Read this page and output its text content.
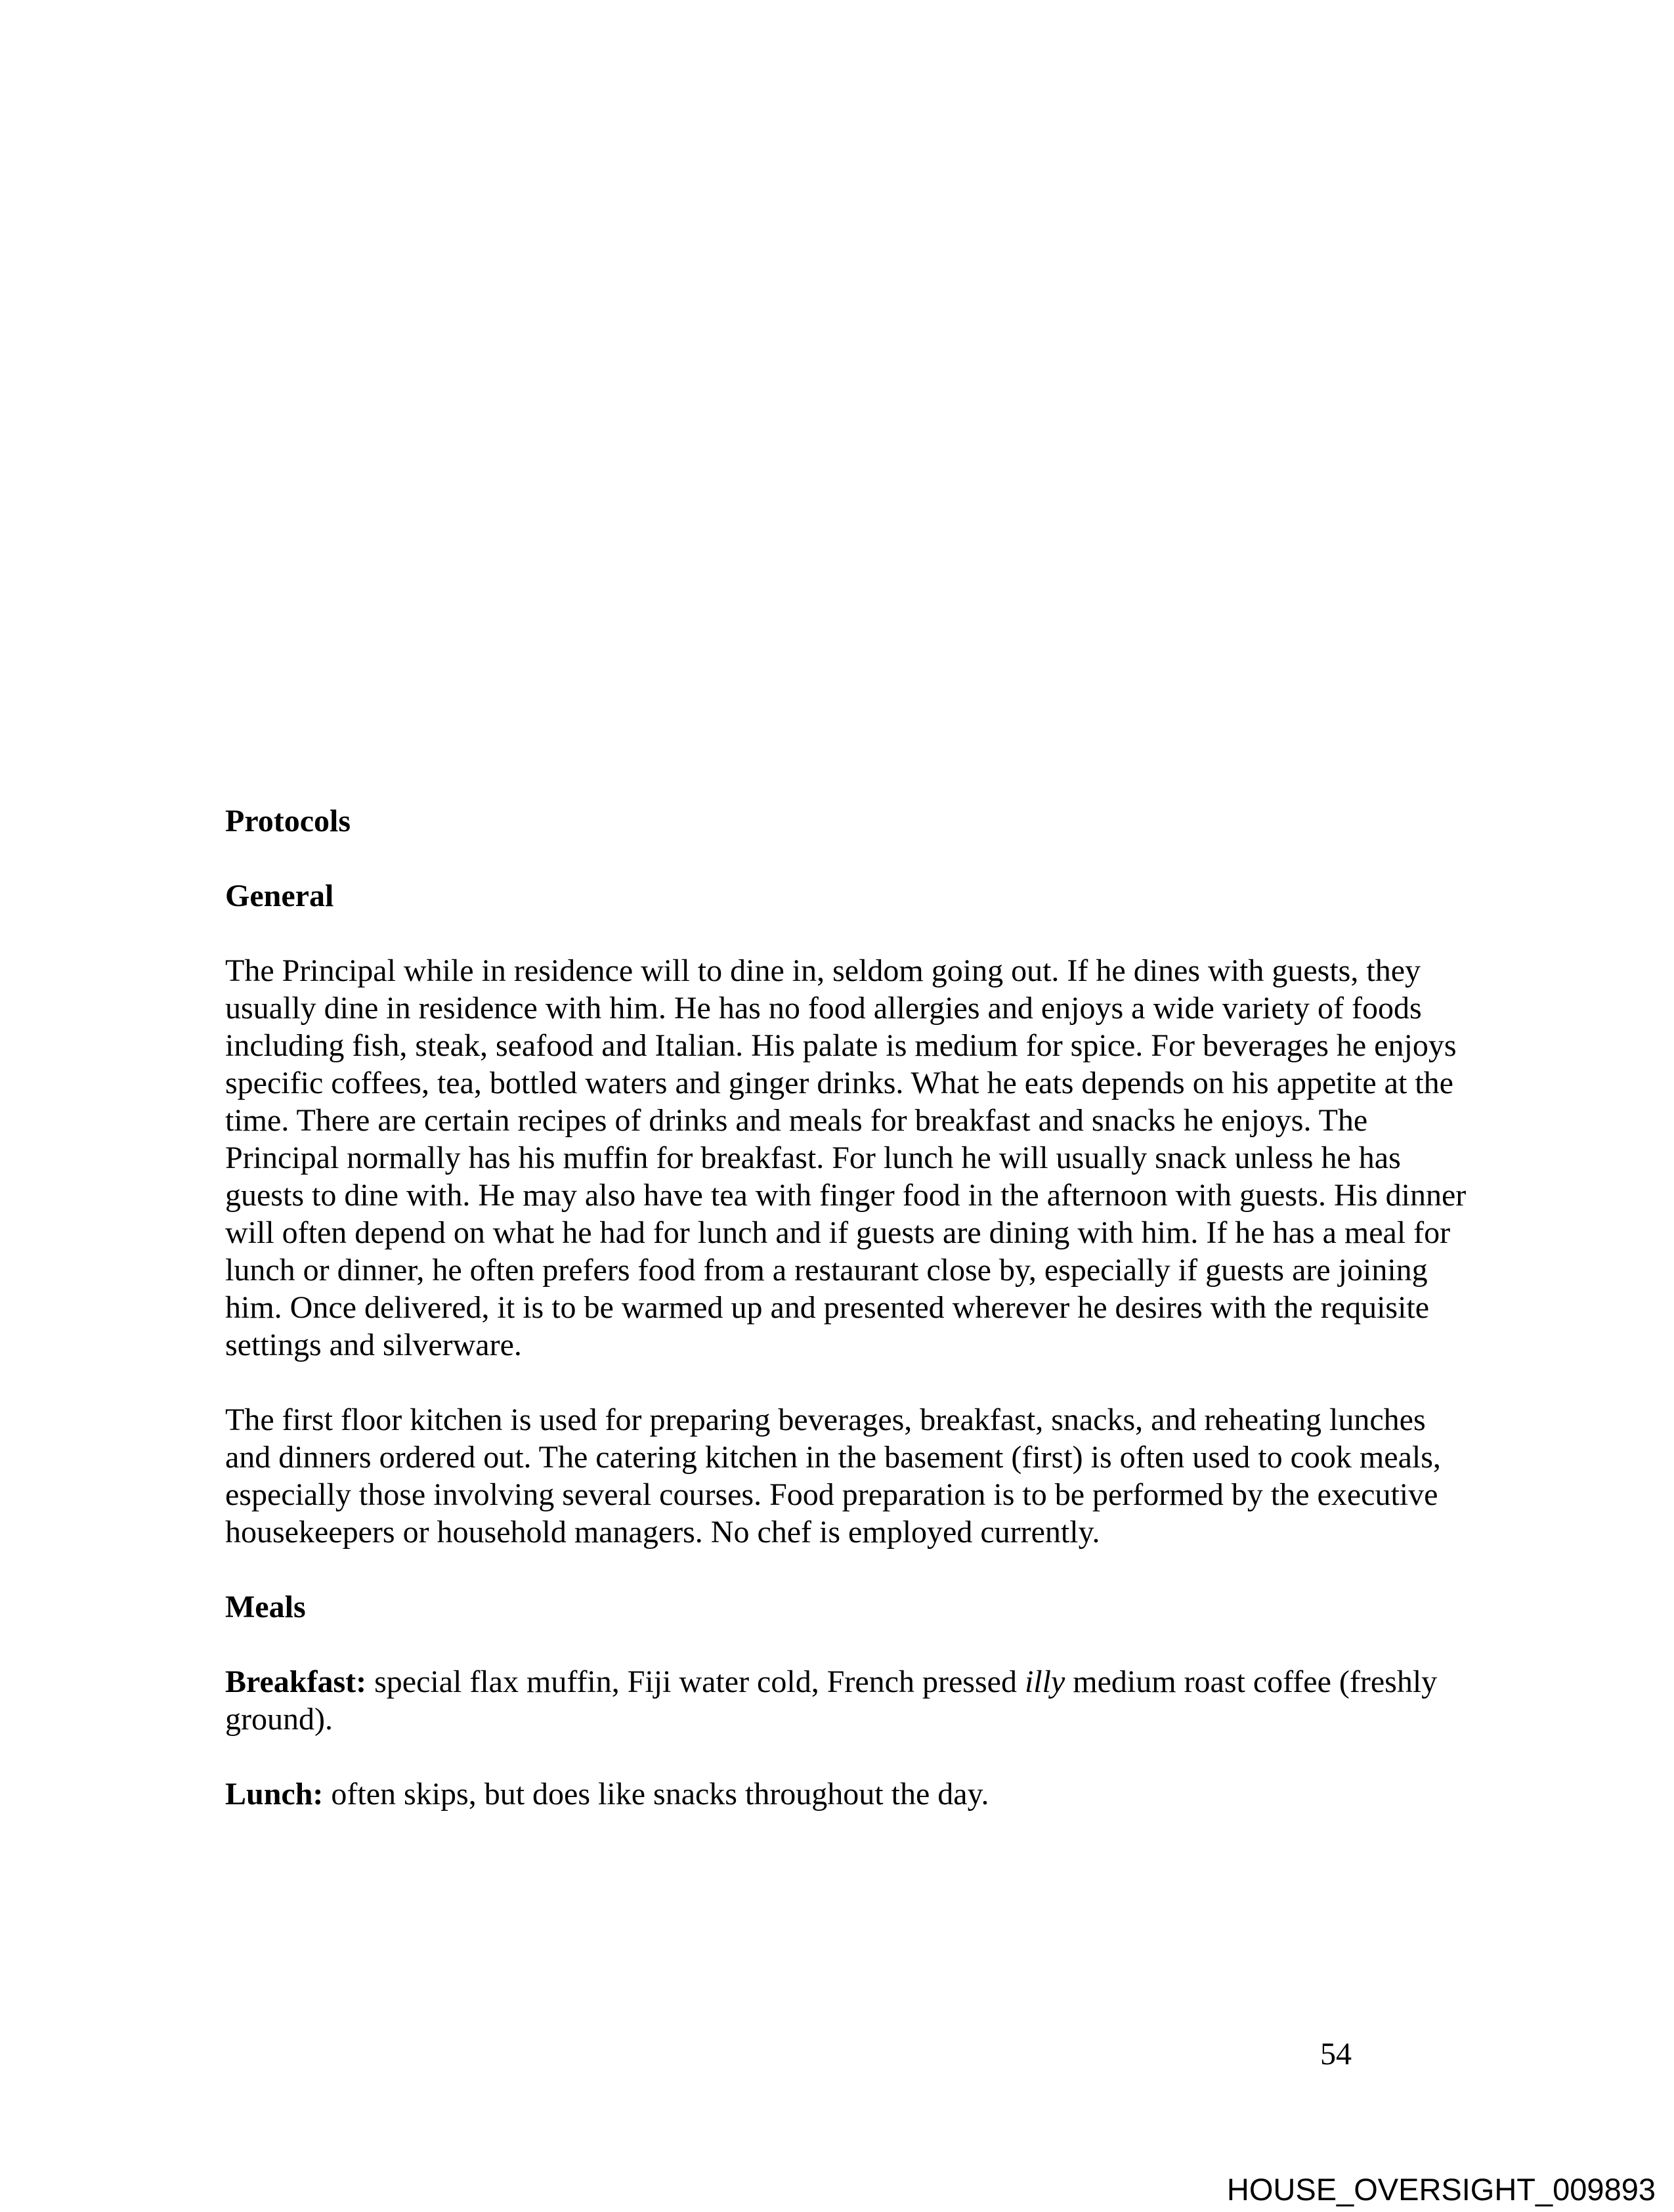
Protocols
General

The Principal while in residence will to dine in, seldom going out. If he dines with guests, they usually dine in residence with him. He has no food allergies and enjoys a wide variety of foods including fish, steak, seafood and Italian. His palate is medium for spice. For beverages he enjoys specific coffees, tea, bottled waters and ginger drinks. What he eats depends on his appetite at the time. There are certain recipes of drinks and meals for breakfast and snacks he enjoys. The Principal normally has his muffin for breakfast. For lunch he will usually snack unless he has guests to dine with. He may also have tea with finger food in the afternoon with guests. His dinner will often depend on what he had for lunch and if guests are dining with him. If he has a meal for lunch or dinner, he often prefers food from a restaurant close by, especially if guests are joining him. Once delivered, it is to be warmed up and presented wherever he desires with the requisite settings and silverware.

The first floor kitchen is used for preparing beverages, breakfast, snacks, and reheating lunches and dinners ordered out. The catering kitchen in the basement (first) is often used to cook meals, especially those involving several courses. Food preparation is to be performed by the executive housekeepers or household managers. No chef is employed currently.

Meals

Breakfast: special flax muffin, Fiji water cold, French pressed illy medium roast coffee (freshly ground).

Lunch: often skips, but does like snacks throughout the day.

54
HOUSE_OVERSIGHT_009893
